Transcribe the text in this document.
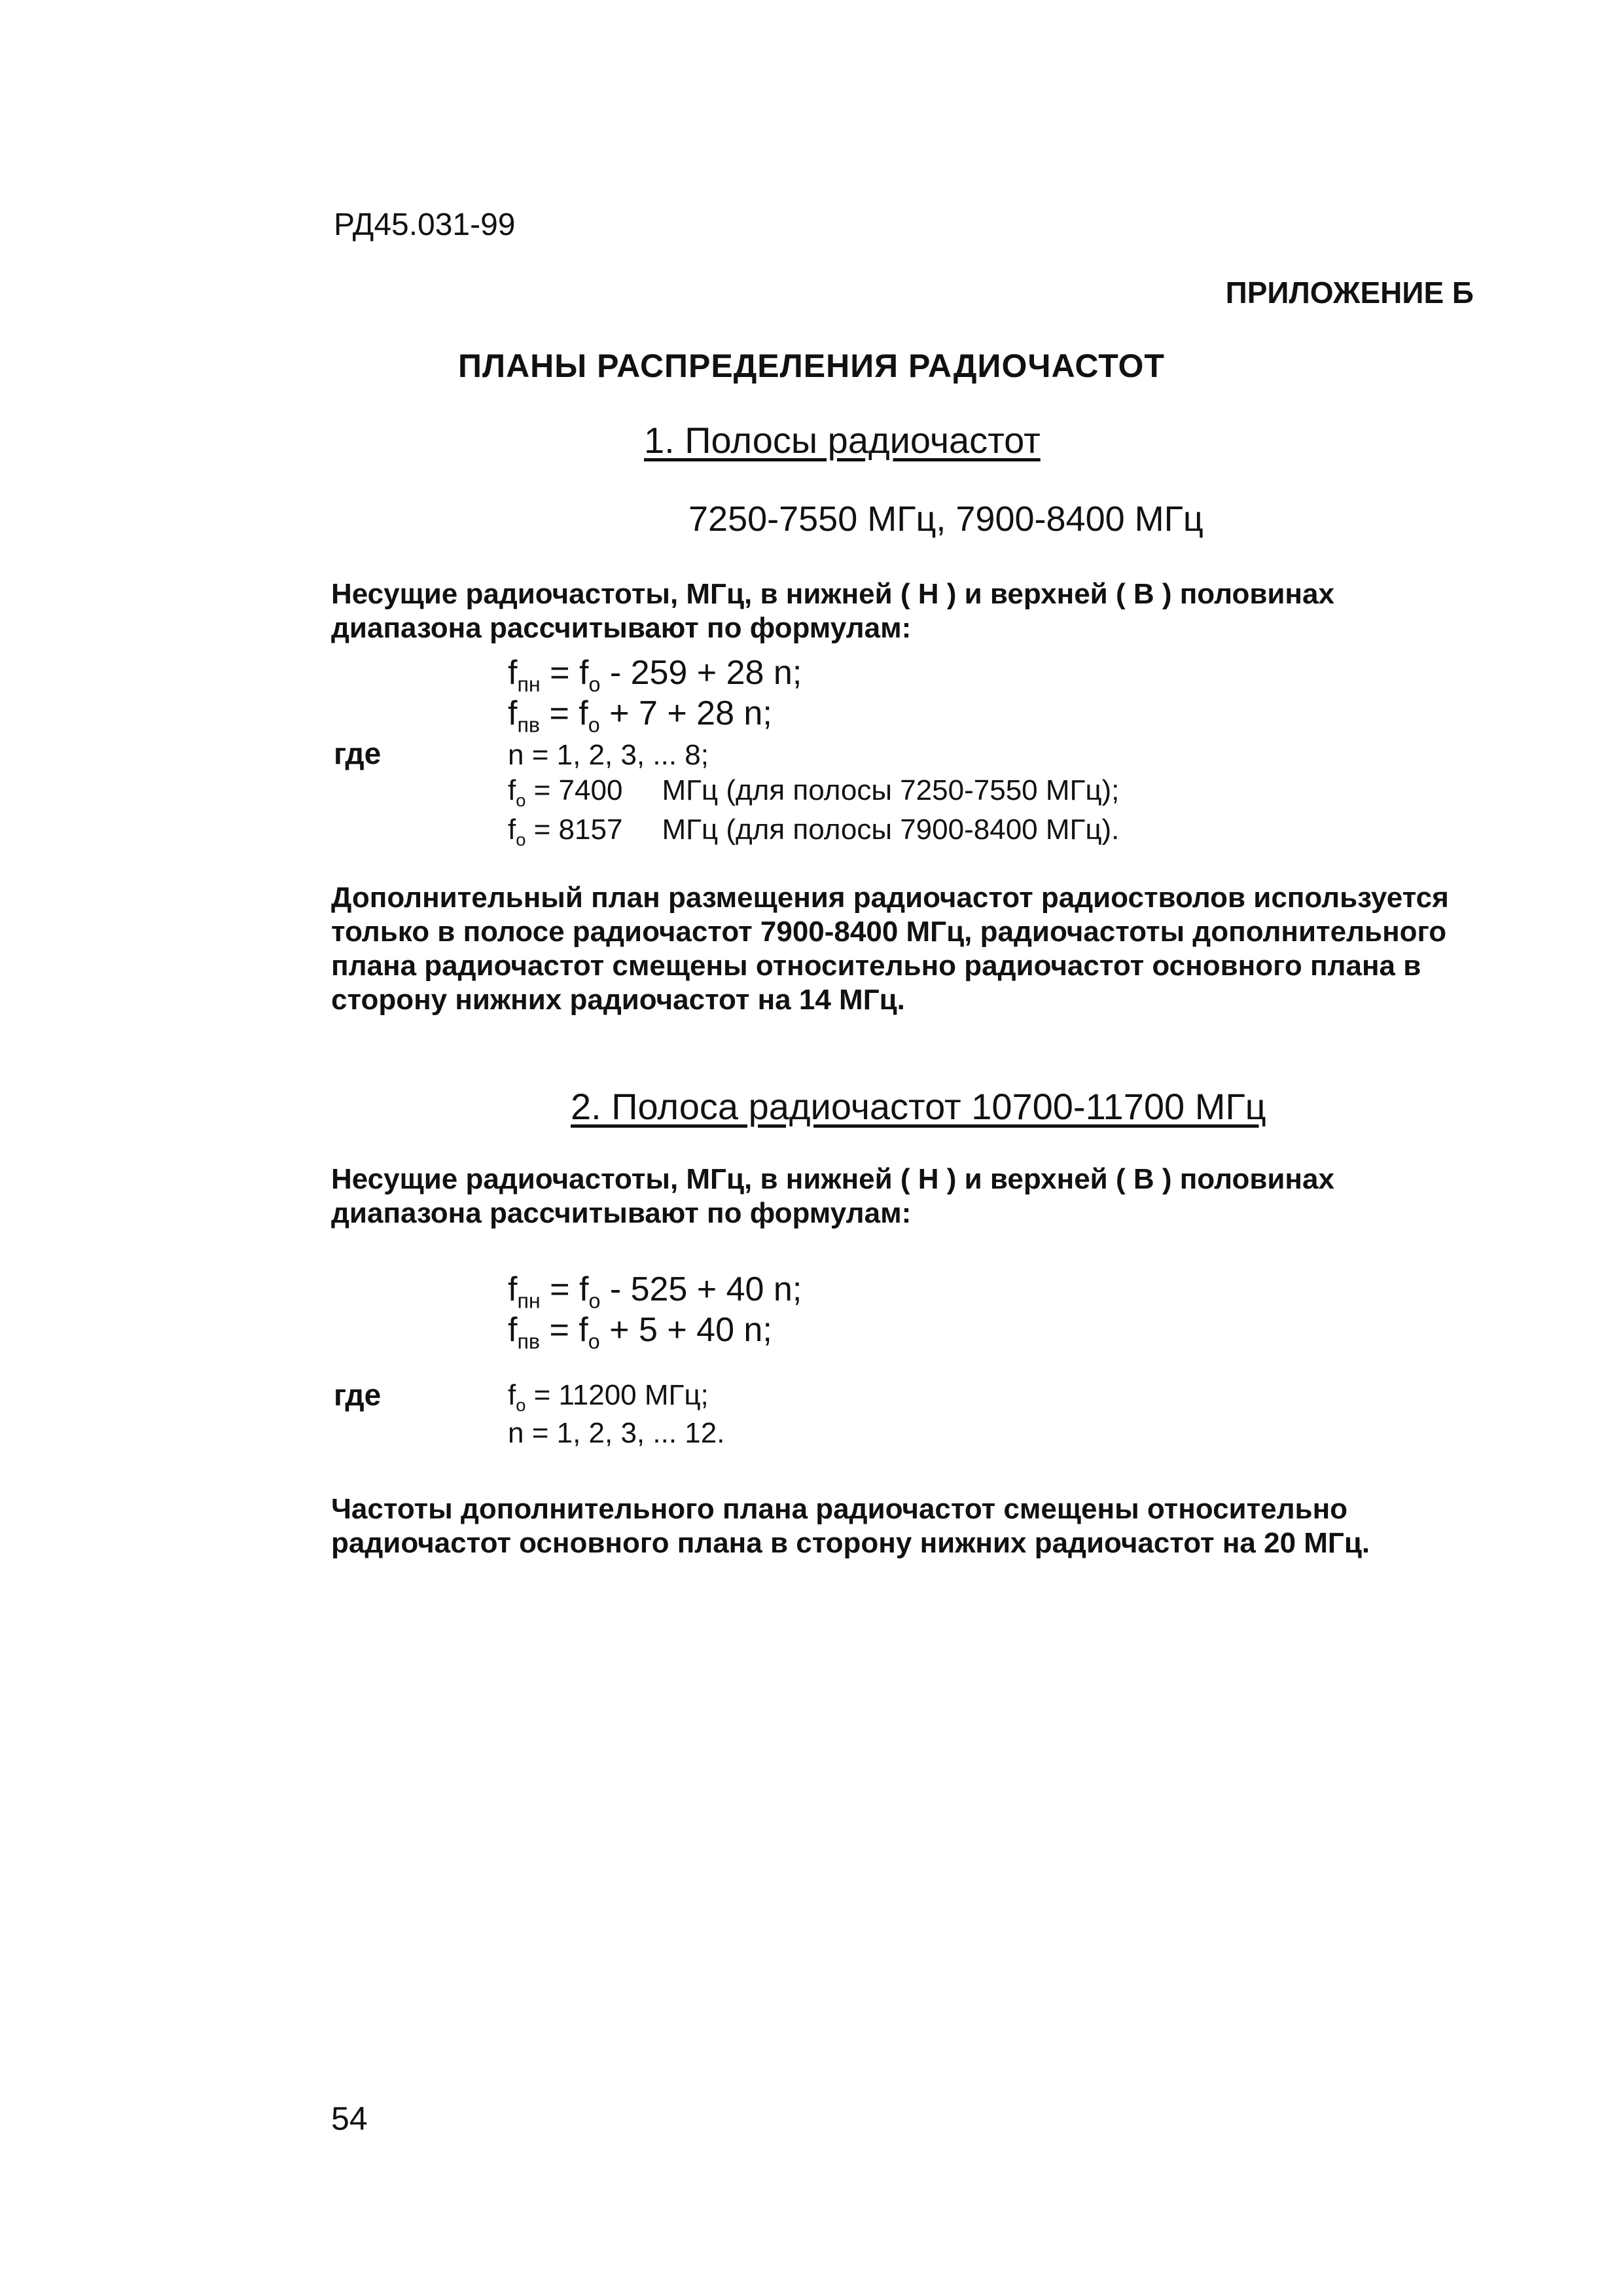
РД45.031-99
ПРИЛОЖЕНИЕ Б
ПЛАНЫ РАСПРЕДЕЛЕНИЯ РАДИОЧАСТОТ
1. Полосы радиочастот
7250-7550 МГц, 7900-8400 МГц
Несущие радиочастоты, МГц, в нижней ( Н ) и верхней ( В ) половинах
диапазона рассчитывают по формулам:
$f_{пн} = f_о - 259 + 28$ n;
$f_{пв} = f_о + 7 + 28$ n;
где	n = 1, 2, 3, ... 8;
$f_о = 7400$ МГц (для полосы 7250-7550 МГц);
$f_о = 8157$ МГц (для полосы 7900-8400 МГц).
Дополнительный план размещения радиочастот радиостволов используется
только в полосе радиочастот 7900-8400 МГц, радиочастоты дополнительного
плана радиочастот смещены относительно радиочастот основного плана в
сторону нижних радиочастот на 14 МГц.
2. Полоса радиочастот 10700-11700 МГц
Несущие радиочастоты, МГц, в нижней ( Н ) и верхней ( В ) половинах
диапазона рассчитывают по формулам:
$f_{пн} = f_о - 525 + 40$ n;
$f_{пв} = f_о + 5 + 40$ n;
где	$f_о = 11200$ МГц;
n = 1, 2, 3, ... 12.
Частоты дополнительного плана радиочастот смещены относительно
радиочастот основного плана в сторону нижних радиочастот на 20 МГц.
54
